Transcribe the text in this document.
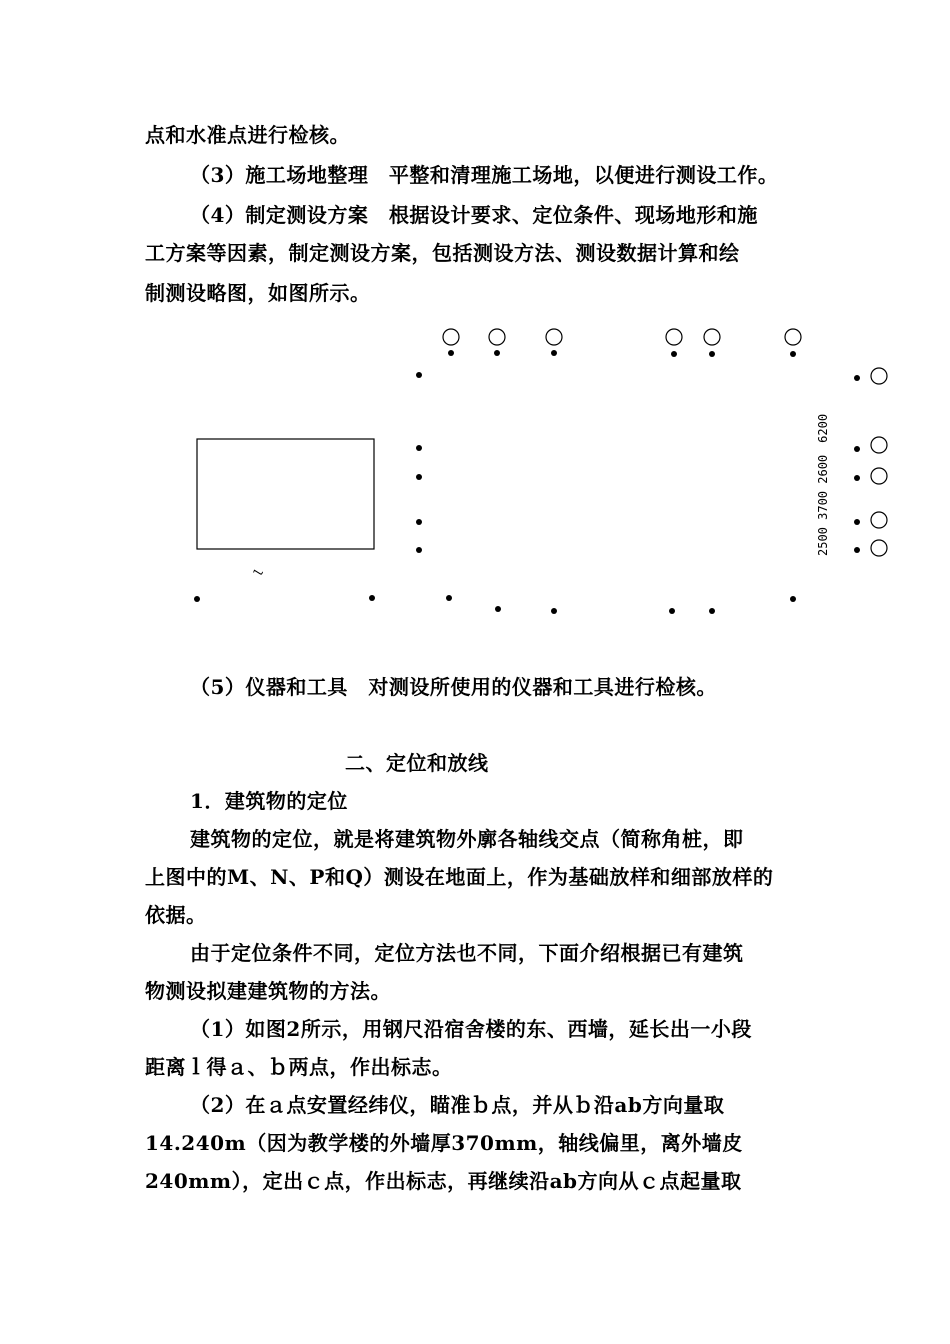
点和水准点进行检核。
（3）施工场地整理　平整和清理施工场地，以便进行测设工作。
（4）制定测设方案　根据设计要求、定位条件、现场地形和施
工方案等因素，制定测设方案，包括测设方法、测设数据计算和绘
制测设略图，如图所示。
l
2500 3700 2600　6200
（5）仪器和工具　对测设所使用的仪器和工具进行检核。
二、定位和放线
1．建筑物的定位
建筑物的定位，就是将建筑物外廓各轴线交点（简称角桩，即
上图中的M、N、P和Q）测设在地面上，作为基础放样和细部放样的
依据。
由于定位条件不同，定位方法也不同，下面介绍根据已有建筑
物测设拟建建筑物的方法。
（1）如图2所示，用钢尺沿宿舍楼的东、西墙，延长出一小段
距离ｌ得ａ、ｂ两点，作出标志。
（2）在ａ点安置经纬仪，瞄准ｂ点，并从ｂ沿ab方向量取
14.240m（因为教学楼的外墙厚370mm，轴线偏里，离外墙皮
240mm），定出ｃ点，作出标志，再继续沿ab方向从ｃ点起量取
